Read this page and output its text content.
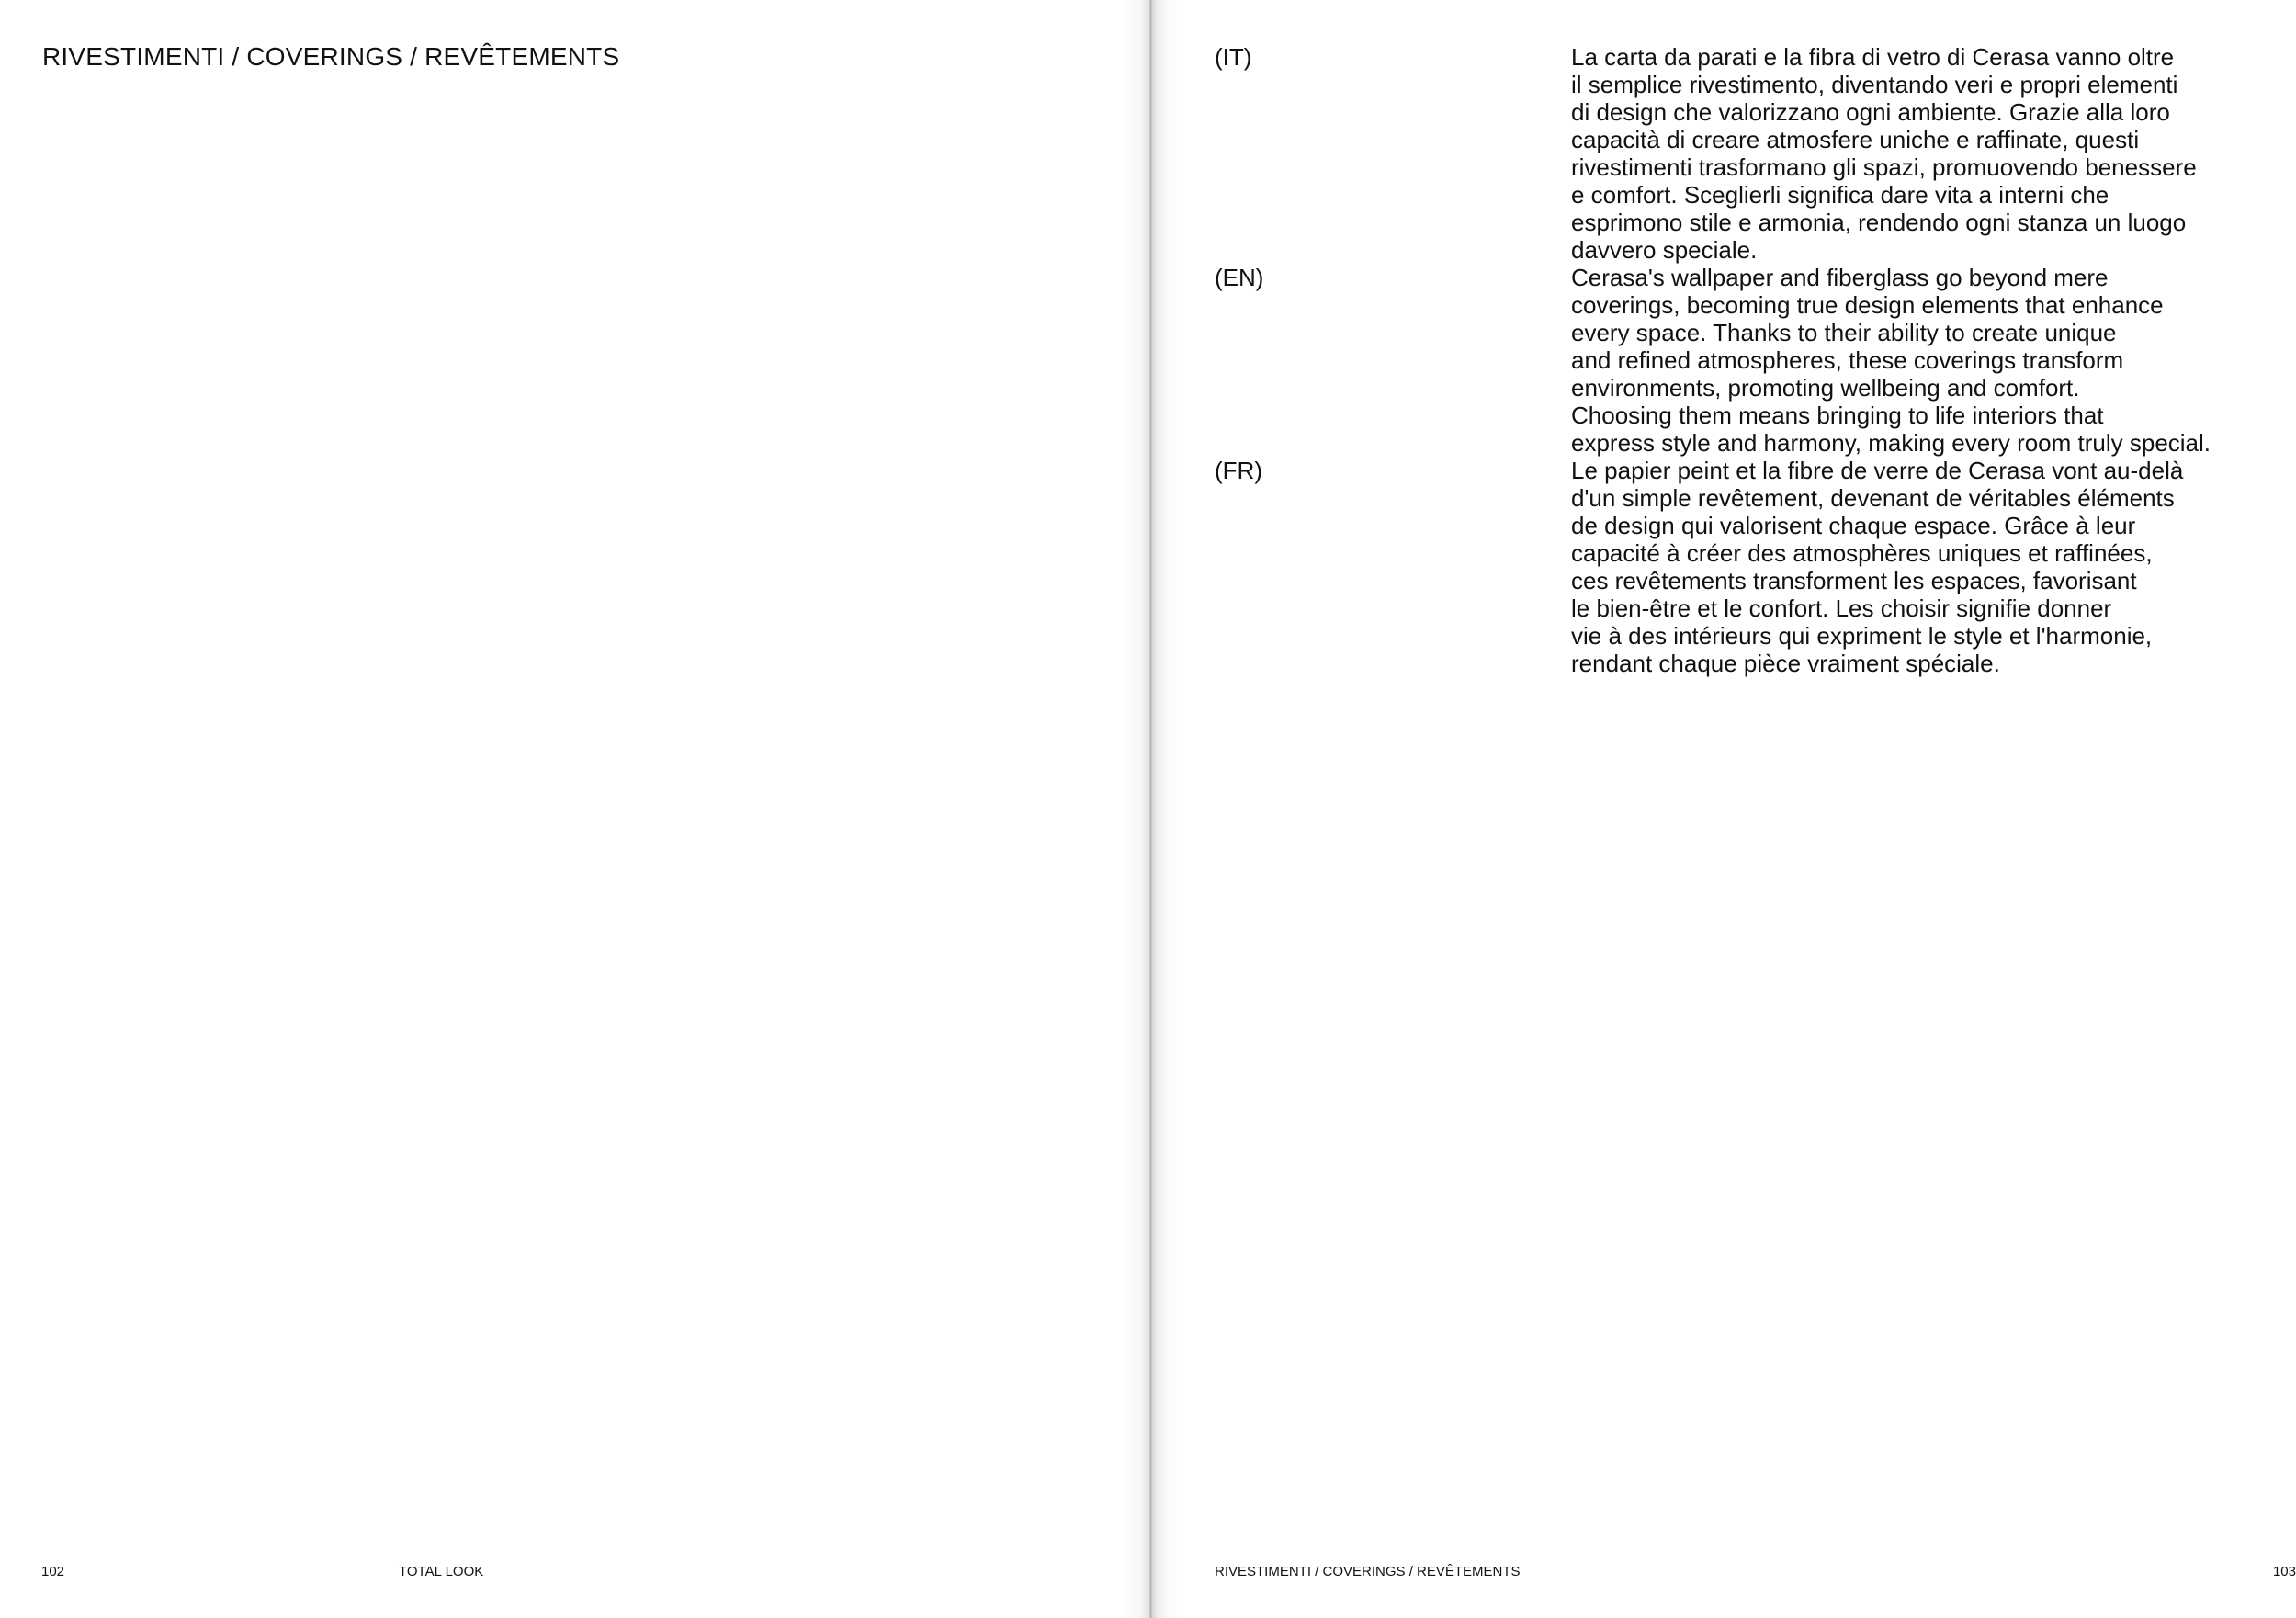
RIVESTIMENTI / COVERINGS / REVÊTEMENTS
102	TOTAL LOOK
(IT)
(EN)
(FR)
La carta da parati e la fibra di vetro di Cerasa vanno oltre
il semplice rivestimento, diventando veri e propri elementi
di design che valorizzano ogni ambiente. Grazie alla loro
capacità di creare atmosfere uniche e raffinate, questi
rivestimenti trasformano gli spazi, promuovendo benessere
e comfort. Sceglierli significa dare vita a interni che
esprimono stile e armonia, rendendo ogni stanza un luogo
davvero speciale.
Cerasa's wallpaper and fiberglass go beyond mere
coverings, becoming true design elements that enhance
every space. Thanks to their ability to create unique
and refined atmospheres, these coverings transform
environments, promoting wellbeing and comfort.
Choosing them means bringing to life interiors that
express style and harmony, making every room truly special.
Le papier peint et la fibre de verre de Cerasa vont au-delà
d'un simple revêtement, devenant de véritables éléments
de design qui valorisent chaque espace. Grâce à leur
capacité à créer des atmosphères uniques et raffinées,
ces revêtements transforment les espaces, favorisant
le bien-être et le confort. Les choisir signifie donner
vie à des intérieurs qui expriment le style et l'harmonie,
rendant chaque pièce vraiment spéciale.
RIVESTIMENTI / COVERINGS / REVÊTEMENTS	103
